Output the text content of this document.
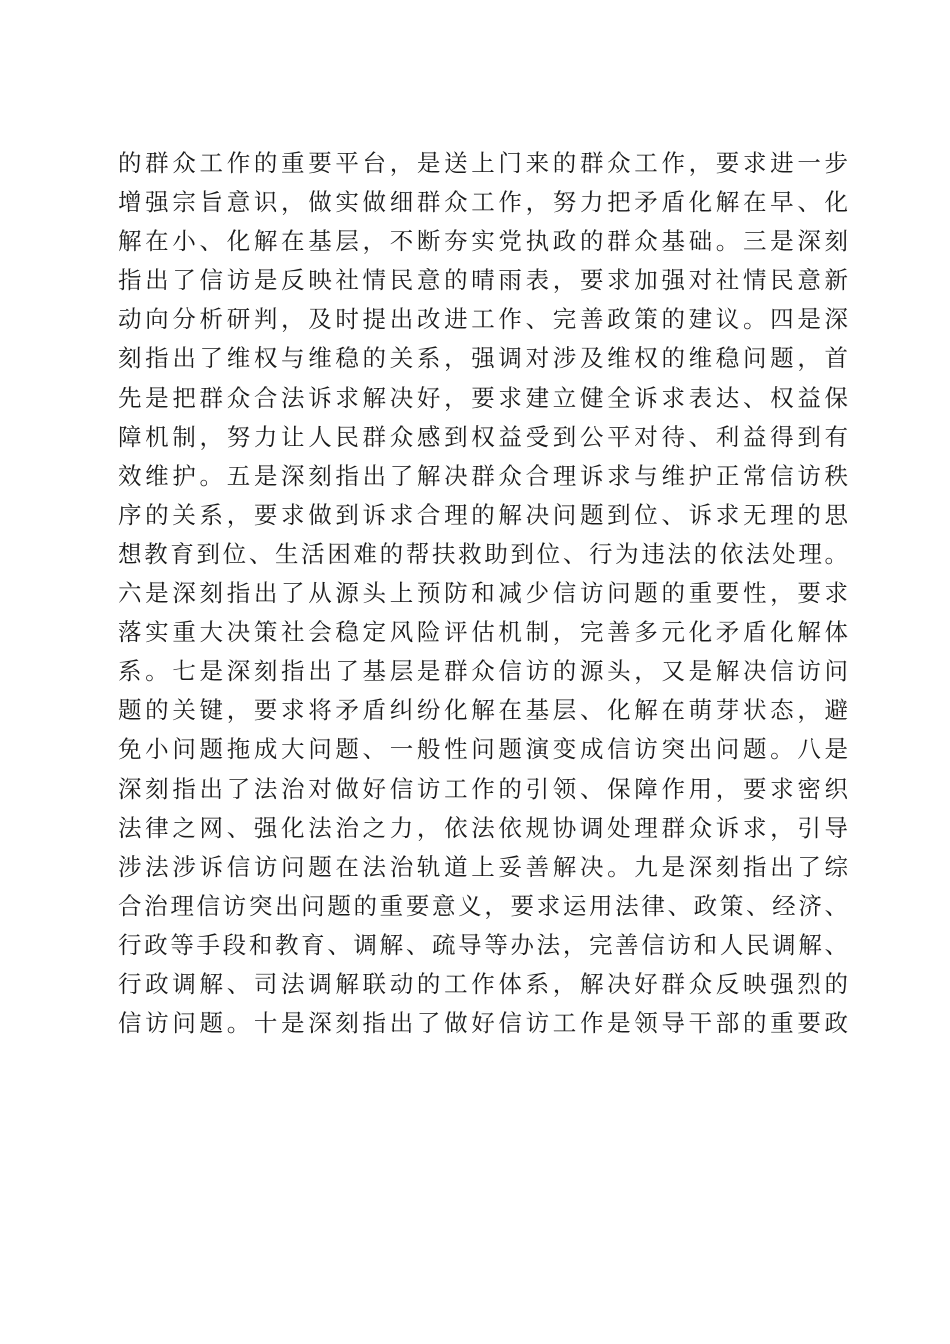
的群众工作的重要平台，是送上门来的群众工作，要求进一步
增强宗旨意识，做实做细群众工作，努力把矛盾化解在早、化
解在小、化解在基层，不断夯实党执政的群众基础。三是深刻
指出了信访是反映社情民意的晴雨表，要求加强对社情民意新
动向分析研判，及时提出改进工作、完善政策的建议。四是深
刻指出了维权与维稳的关系，强调对涉及维权的维稳问题，首
先是把群众合法诉求解决好，要求建立健全诉求表达、权益保
障机制，努力让人民群众感到权益受到公平对待、利益得到有
效维护。五是深刻指出了解决群众合理诉求与维护正常信访秩
序的关系，要求做到诉求合理的解决问题到位、诉求无理的思
想教育到位、生活困难的帮扶救助到位、行为违法的依法处理。
六是深刻指出了从源头上预防和减少信访问题的重要性，要求
落实重大决策社会稳定风险评估机制，完善多元化矛盾化解体
系。七是深刻指出了基层是群众信访的源头，又是解决信访问
题的关键，要求将矛盾纠纷化解在基层、化解在萌芽状态，避
免小问题拖成大问题、一般性问题演变成信访突出问题。八是
深刻指出了法治对做好信访工作的引领、保障作用，要求密织
法律之网、强化法治之力，依法依规协调处理群众诉求，引导
涉法涉诉信访问题在法治轨道上妥善解决。九是深刻指出了综
合治理信访突出问题的重要意义，要求运用法律、政策、经济、
行政等手段和教育、调解、疏导等办法，完善信访和人民调解、
行政调解、司法调解联动的工作体系，解决好群众反映强烈的
信访问题。十是深刻指出了做好信访工作是领导干部的重要政
